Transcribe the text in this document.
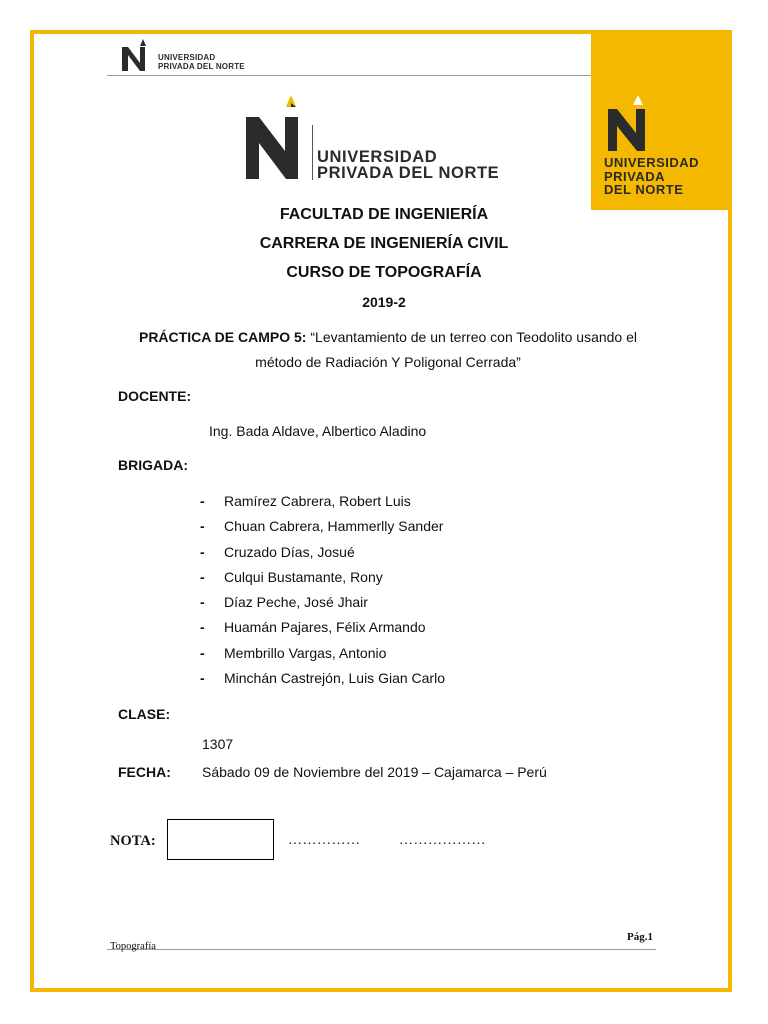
UNIVERSIDAD
PRIVADA DEL NORTE
UNIVERSIDAD
PRIVADA DEL NORTE
UNIVERSIDAD
PRIVADA
DEL NORTE
FACULTAD DE INGENIERÍA
CARRERA DE INGENIERÍA CIVIL
CURSO DE TOPOGRAFÍA
2019-2
PRÁCTICA DE CAMPO 5: “Levantamiento de un terreo con Teodolito usando el método de Radiación Y Poligonal Cerrada”
DOCENTE:
Ing. Bada Aldave, Albertico Aladino
BRIGADA:
- Ramírez Cabrera, Robert Luis
- Chuan Cabrera, Hammerlly Sander
- Cruzado Días, Josué
- Culqui Bustamante, Rony
- Díaz Peche, José Jhair
- Huamán Pajares, Félix Armando
- Membrillo Vargas, Antonio
- Minchán Castrejón, Luis Gian Carlo
CLASE:
1307
FECHA: Sábado 09 de Noviembre del 2019 – Cajamarca – Perú
NOTA:	……………	………………
Topografía
Pág.1
